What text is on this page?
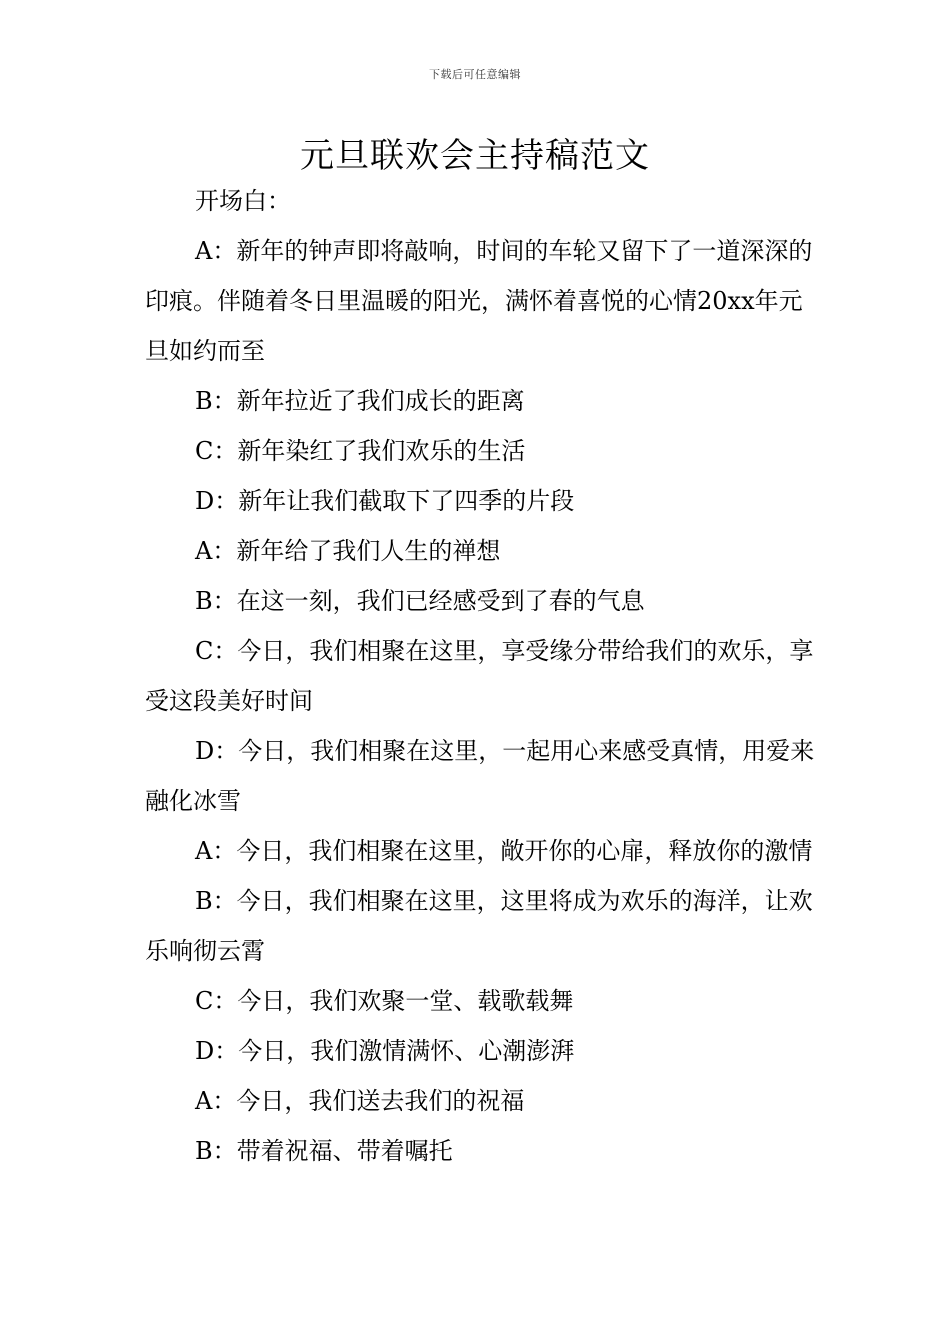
下载后可任意编辑
元旦联欢会主持稿范文

开场白：

A：新年的钟声即将敲响，时间的车轮又留下了一道深深的印痕。伴随着冬日里温暖的阳光，满怀着喜悦的心情20xx年元旦如约而至

B：新年拉近了我们成长的距离

C：新年染红了我们欢乐的生活

D：新年让我们截取下了四季的片段

A：新年给了我们人生的禅想

B：在这一刻，我们已经感受到了春的气息

C：今日，我们相聚在这里，享受缘分带给我们的欢乐，享受这段美好时间

D：今日，我们相聚在这里，一起用心来感受真情，用爱来融化冰雪

A：今日，我们相聚在这里，敞开你的心扉，释放你的激情

B：今日，我们相聚在这里，这里将成为欢乐的海洋，让欢乐响彻云霄

C：今日，我们欢聚一堂、载歌载舞

D：今日，我们激情满怀、心潮澎湃

A：今日，我们送去我们的祝福

B：带着祝福、带着嘱托
